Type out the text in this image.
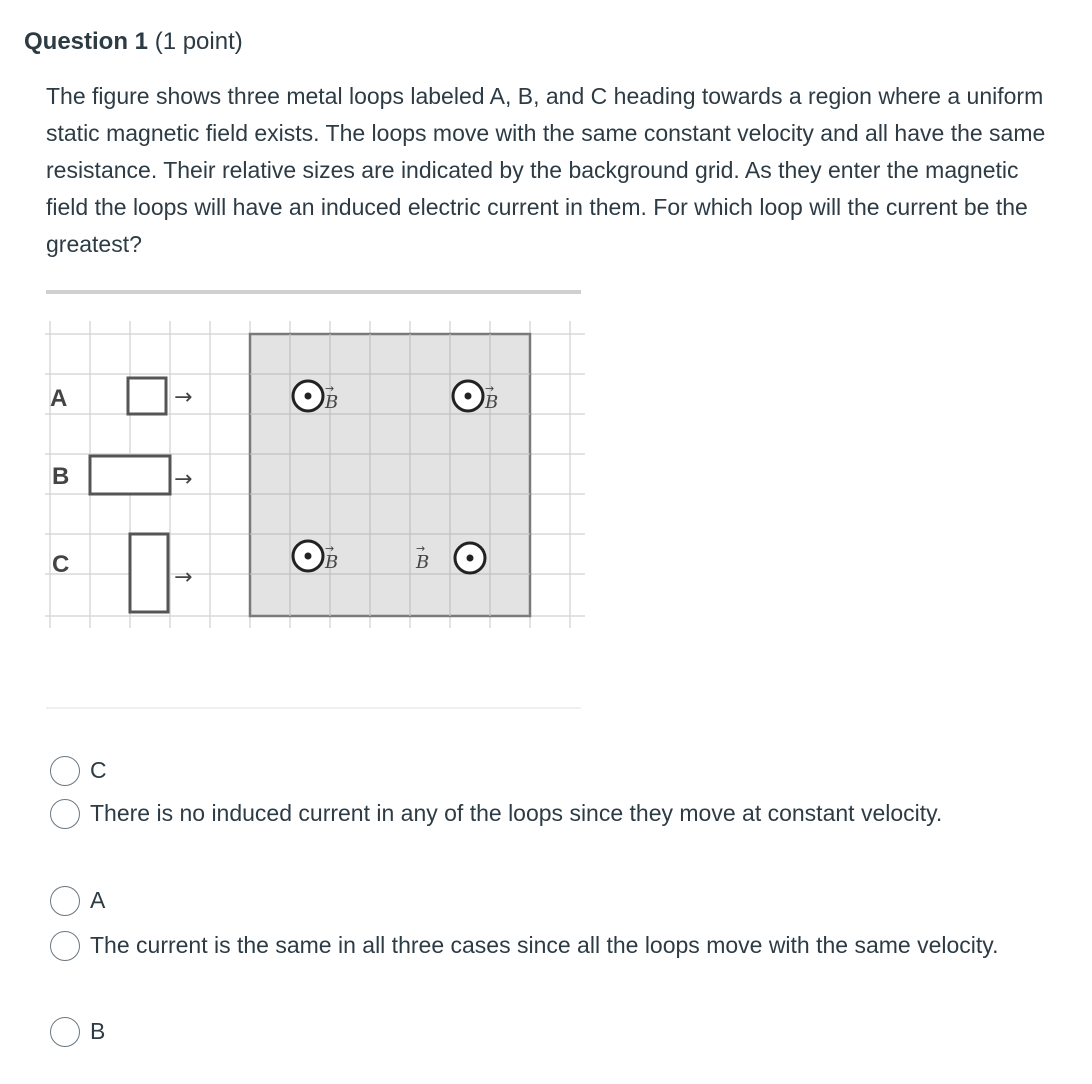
Question 1 (1 point)

The figure shows three metal loops labeled A, B, and C heading towards a region where a uniform static magnetic field exists. The loops move with the same constant velocity and all have the same resistance. Their relative sizes are indicated by the background grid. As they enter the magnetic field the loops will have an induced electric current in them. For which loop will the current be the greatest?

A
B
C
→
→
→
B
→
B
→
B
→
B
→
C
There is no induced current in any of the loops since they move at constant velocity.
A
The current is the same in all three cases since all the loops move with the same velocity.
B
